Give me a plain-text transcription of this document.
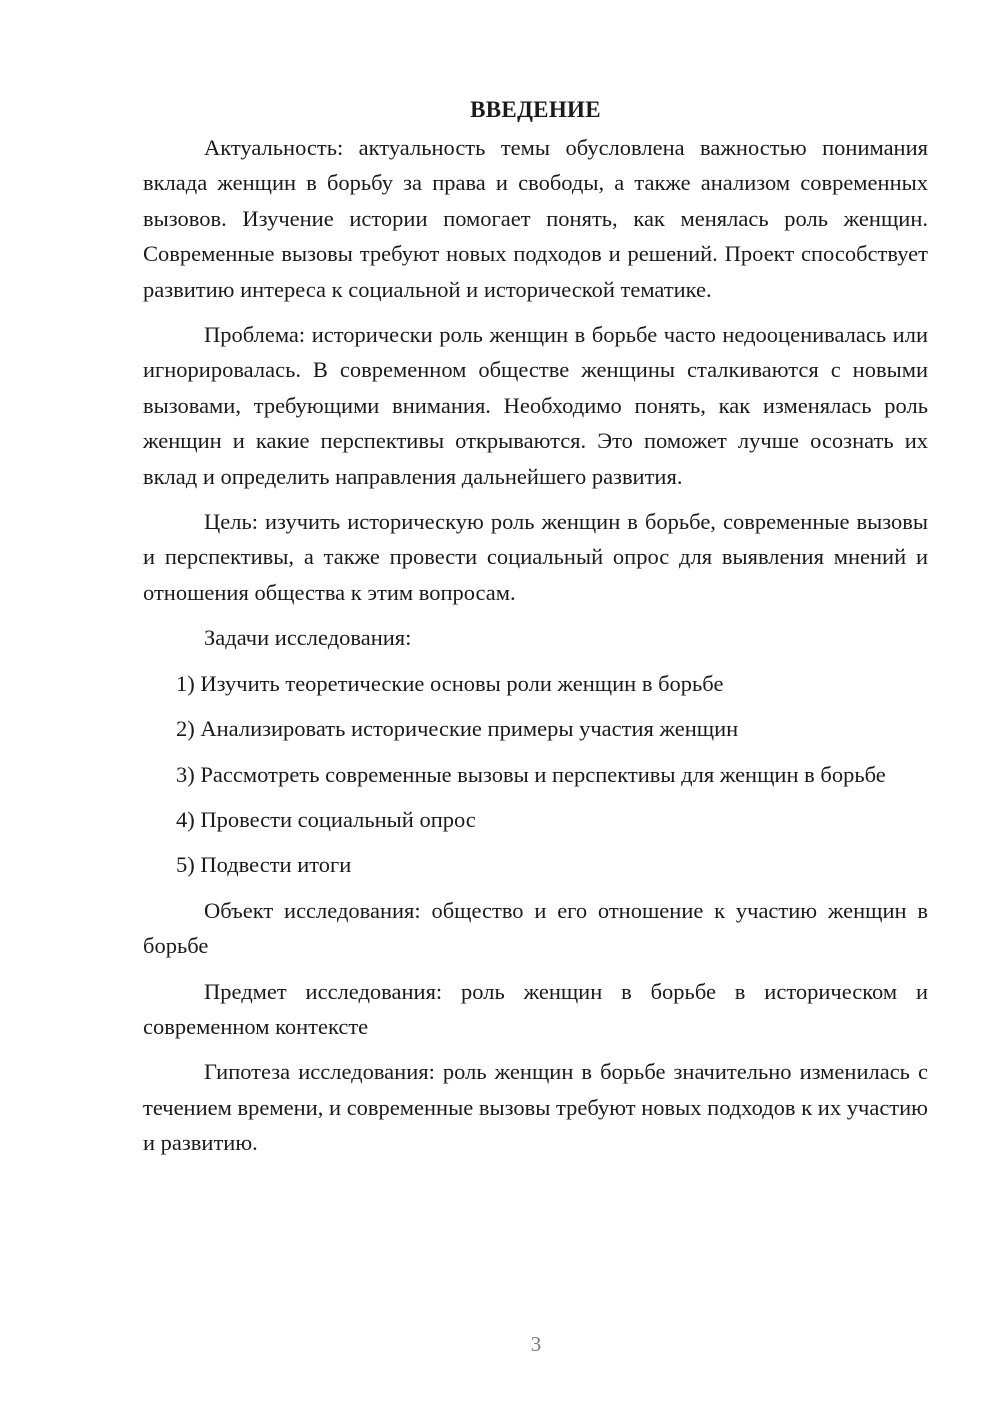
ВВЕДЕНИЕ

Актуальность: актуальность темы обусловлена важностью понимания вклада женщин в борьбу за права и свободы, а также анализом современных вызовов. Изучение истории помогает понять, как менялась роль женщин. Современные вызовы требуют новых подходов и решений. Проект способствует развитию интереса к социальной и исторической тематике.

Проблема: исторически роль женщин в борьбе часто недооценивалась или игнорировалась. В современном обществе женщины сталкиваются с новыми вызовами, требующими внимания. Необходимо понять, как изменялась роль женщин и какие перспективы открываются. Это поможет лучше осознать их вклад и определить направления дальнейшего развития.

Цель: изучить историческую роль женщин в борьбе, современные вызовы и перспективы, а также провести социальный опрос для выявления мнений и отношения общества к этим вопросам.

Задачи исследования:

1) Изучить теоретические основы роли женщин в борьбе

2) Анализировать исторические примеры участия женщин

3) Рассмотреть современные вызовы и перспективы для женщин в борьбе

4) Провести социальный опрос

5) Подвести итоги

Объект исследования: общество и его отношение к участию женщин в борьбе

Предмет исследования: роль женщин в борьбе в историческом и современном контексте

Гипотеза исследования: роль женщин в борьбе значительно изменилась с течением времени, и современные вызовы требуют новых подходов к их участию и развитию.

3
